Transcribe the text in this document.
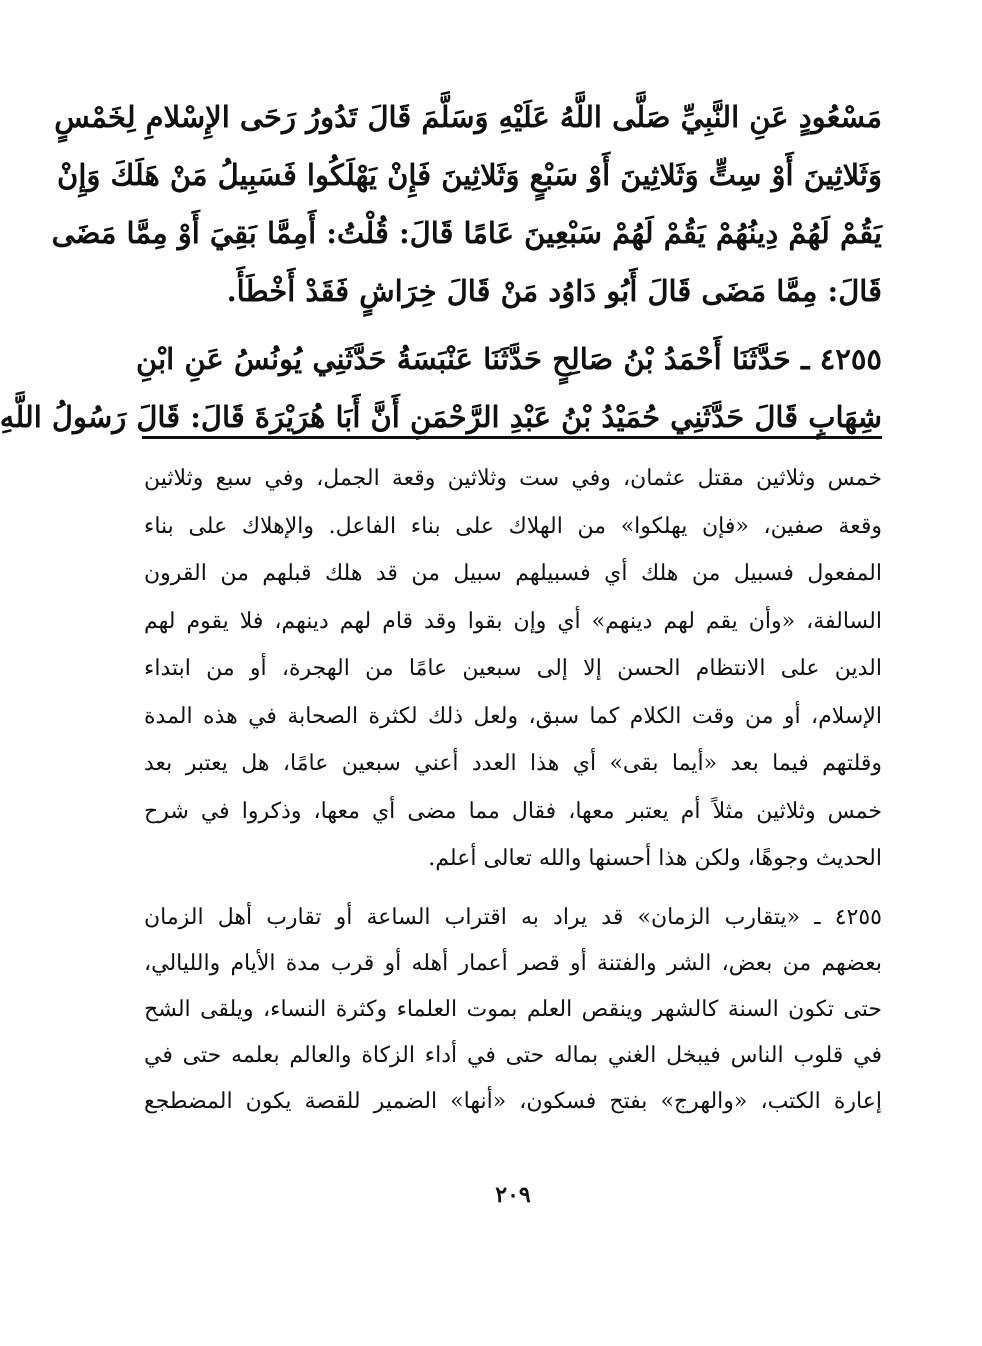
مَسْعُودٍ عَنِ النَّبِيِّ صَلَّى اللَّهُ عَلَيْهِ وَسَلَّمَ قَالَ تَدُورُ رَحَى الإِسْلامِ لِخَمْسٍ
وَثَلاثِينَ أَوْ سِتٍّ وَثَلاثِينَ أَوْ سَبْعٍ وَثَلاثِينَ فَإِنْ يَهْلَكُوا فَسَبِيلُ مَنْ هَلَكَ وَإِنْ
يَقُمْ لَهُمْ دِينُهُمْ يَقُمْ لَهُمْ سَبْعِينَ عَامًا قَالَ: قُلْتُ: أَمِمَّا بَقِيَ أَوْ مِمَّا مَضَى
قَالَ: مِمَّا مَضَى قَالَ أَبُو دَاوُد مَنْ قَالَ خِرَاشٍ فَقَدْ أَخْطَأَ.
٤٢٥٥ ـ حَدَّثَنَا أَحْمَدُ بْنُ صَالِحٍ حَدَّثَنَا عَنْبَسَةُ حَدَّثَنِي يُونُسُ عَنِ ابْنِ
شِهَابٍ قَالَ حَدَّثَنِي حُمَيْدُ بْنُ عَبْدِ الرَّحْمَنِ أَنَّ أَبَا هُرَيْرَةَ قَالَ: قَالَ رَسُولُ اللَّهِ
خمس وثلاثين مقتل عثمان، وفي ست وثلاثين وقعة الجمل، وفي سبع وثلاثين
وقعة صفين، «فإن يهلكوا» من الهلاك على بناء الفاعل. والإهلاك على بناء
المفعول فسبيل من هلك أي فسبيلهم سبيل من قد هلك قبلهم من القرون
السالفة، «وأن يقم لهم دينهم» أي وإن بقوا وقد قام لهم دينهم، فلا يقوم لهم
الدين على الانتظام الحسن إلا إلى سبعين عامًا من الهجرة، أو من ابتداء
الإسلام، أو من وقت الكلام كما سبق، ولعل ذلك لكثرة الصحابة في هذه المدة
وقلتهم فيما بعد «أيما بقى» أي هذا العدد أعني سبعين عامًا، هل يعتبر بعد
خمس وثلاثين مثلاً أم يعتبر معها، فقال مما مضى أي معها، وذكروا في شرح
الحديث وجوهًا، ولكن هذا أحسنها والله تعالى أعلم.
٤٢٥٥ ـ «يتقارب الزمان» قد يراد به اقتراب الساعة أو تقارب أهل الزمان
بعضهم من بعض، الشر والفتنة أو قصر أعمار أهله أو قرب مدة الأيام والليالي،
حتى تكون السنة كالشهر وينقص العلم بموت العلماء وكثرة النساء، ويلقى الشح
في قلوب الناس فيبخل الغني بماله حتى في أداء الزكاة والعالم بعلمه حتى في
إعارة الكتب، «والهرج» بفتح فسكون، «أنها» الضمير للقصة يكون المضطجع
٢٠٩
